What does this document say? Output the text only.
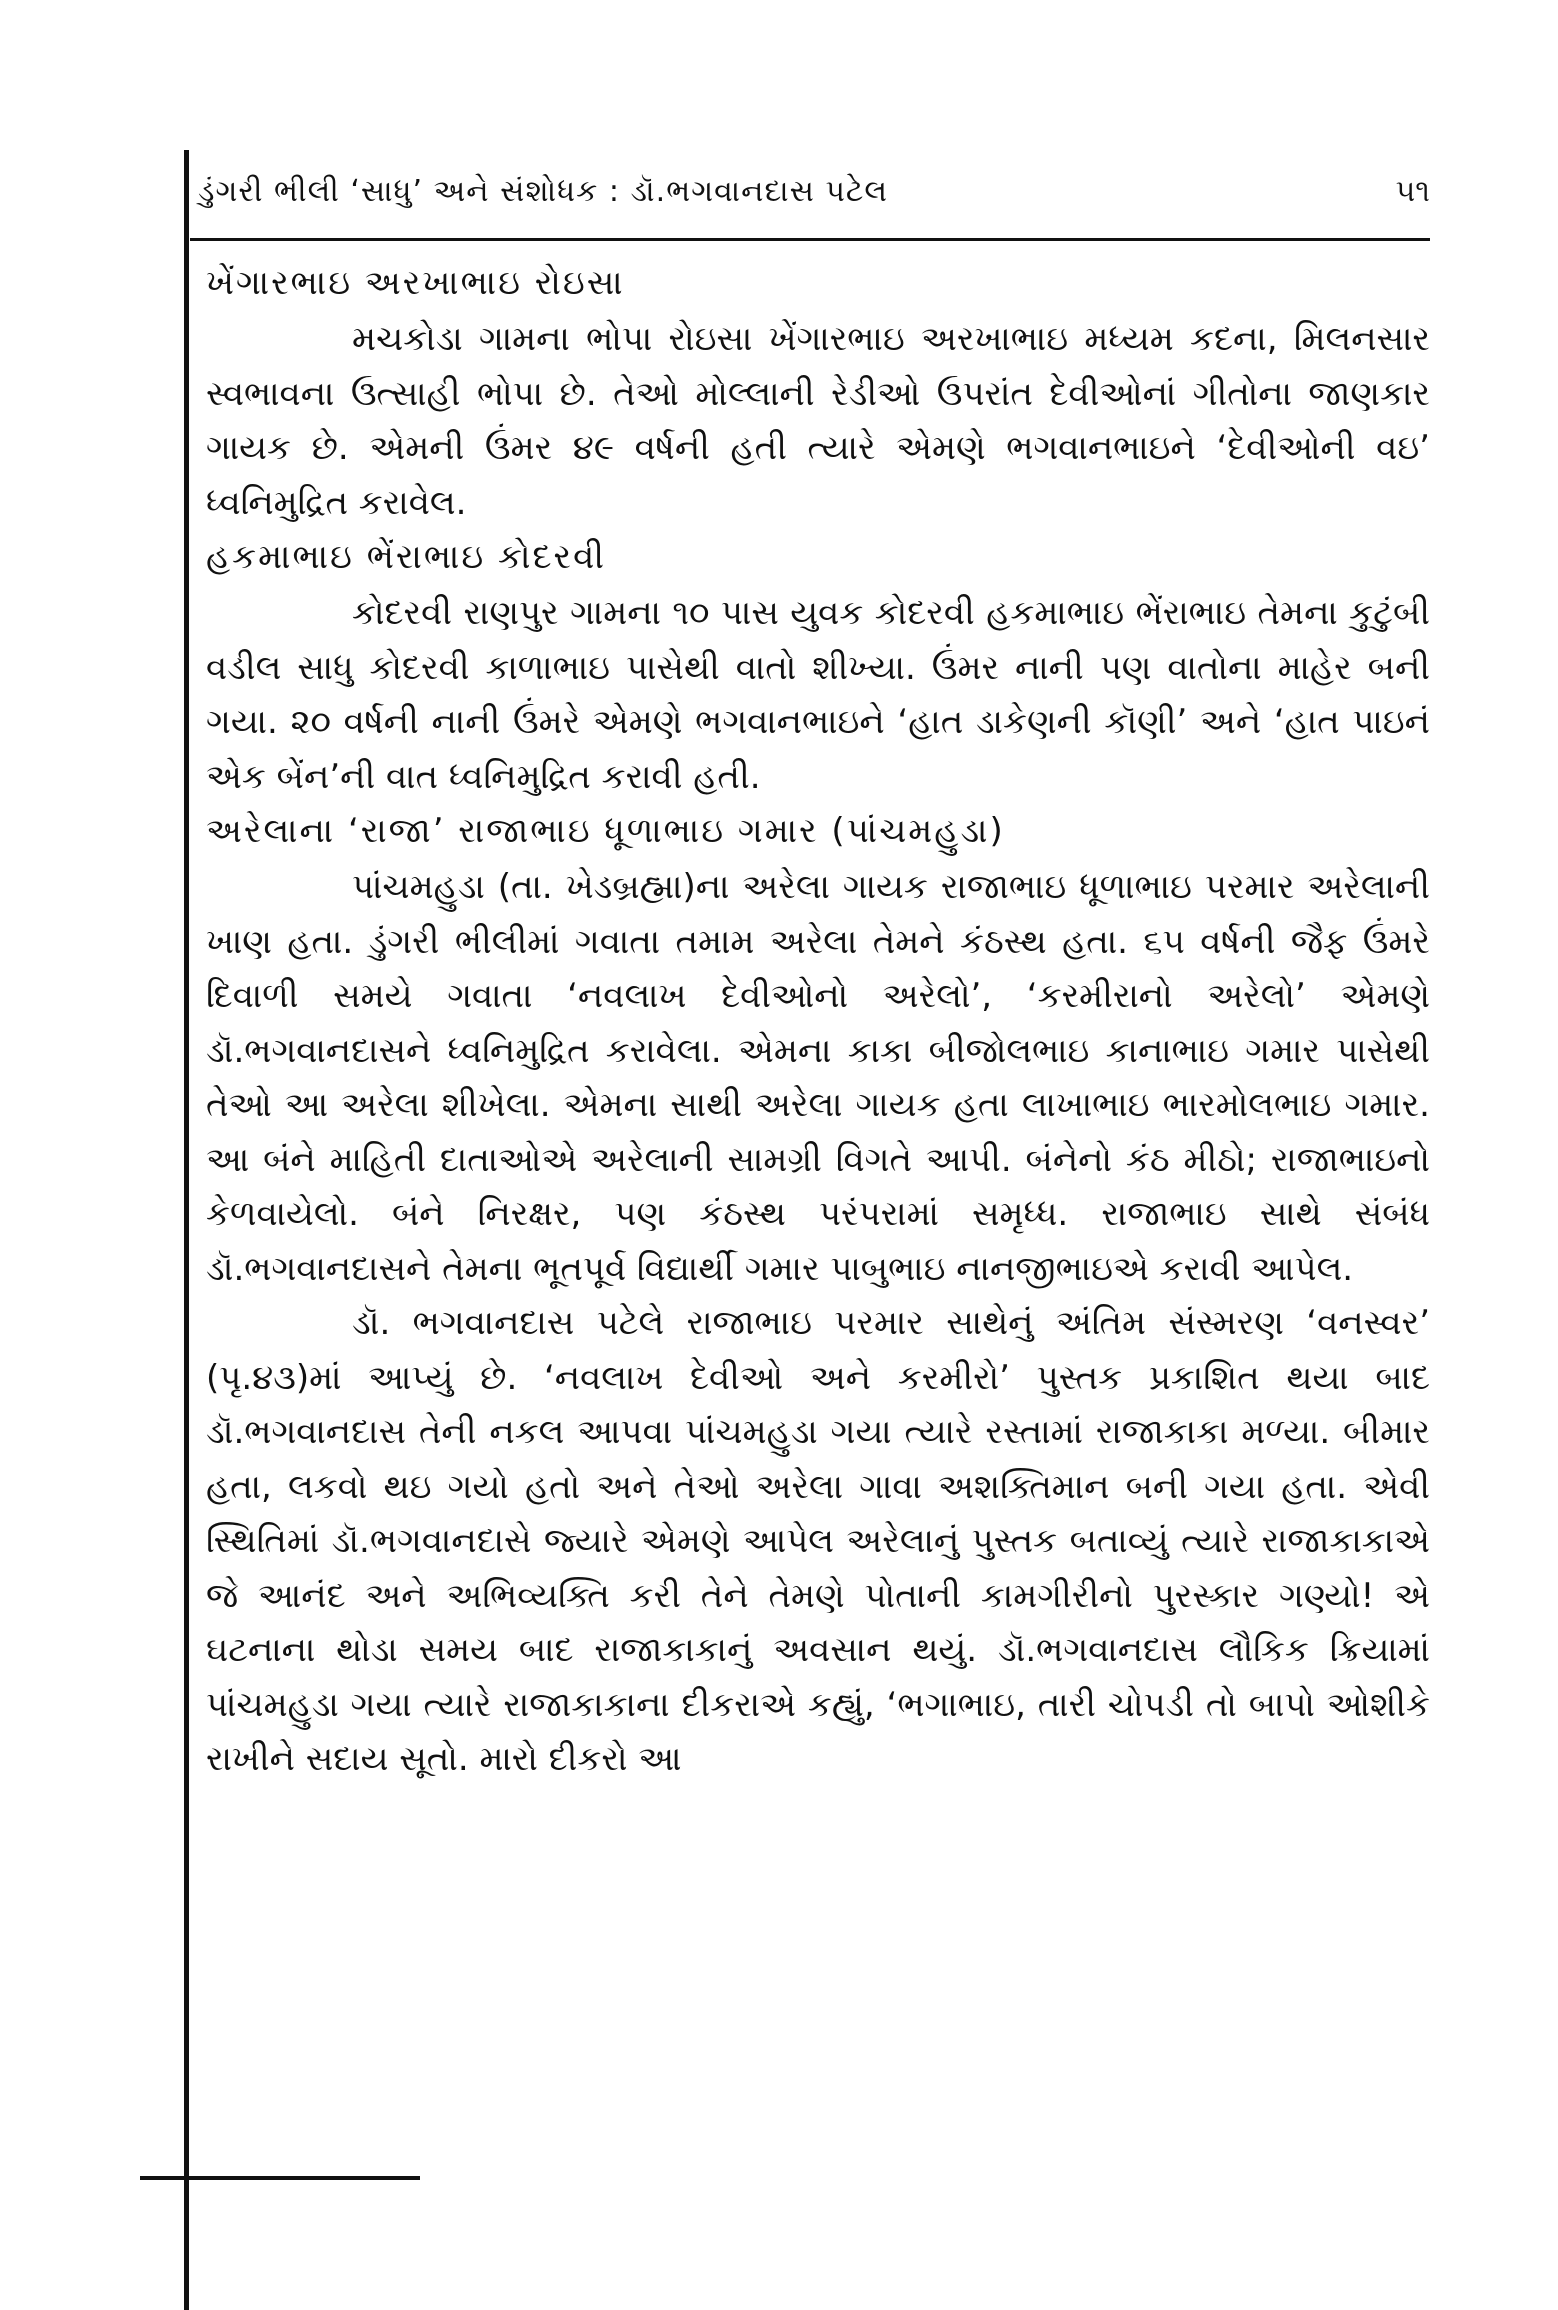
ડુંગરી ભીલી ‘સાધુ’ અને સંશોધક : ડૉ.ભગવાનદાસ પટેલ	૫૧
ખેંગારભાઇ અરખાભાઇ રોઇસા

મચકોડા ગામના ભોપા રોઇસા ખેંગારભાઇ અરખાભાઇ મધ્યમ કદના, મિલનસાર સ્વભાવના ઉત્સાહી ભોપા છે. તેઓ મોલ્લાની રેડીઓ ઉપરાંત દેવીઓનાં ગીતોના જાણકાર ગાયક છે. એમની ઉંમર ૪૯ વર્ષની હતી ત્યારે એમણે ભગવાનભાઇને ‘દેવીઓની વઇ’ ધ્વનિમુદ્રિત કરાવેલ.

હકમાભાઇ ભેંરાભાઇ કોદરવી

કોદરવી રાણપુર ગામના ૧૦ પાસ યુવક કોદરવી હકમાભાઇ ભેંરાભાઇ તેમના કુટુંબી વડીલ સાધુ કોદરવી કાળાભાઇ પાસેથી વાતો શીખ્યા. ઉંમર નાની પણ વાતોના માહેર બની ગયા. ૨૦ વર્ષની નાની ઉંમરે એમણે ભગવાનભાઇને ‘હાત ડાકેણની કૉણી’ અને ‘હાત પાઇનં એક બેંન’ની વાત ધ્વનિમુદ્રિત કરાવી હતી.

અરેલાના ‘રાજા’ રાજાભાઇ ધૂળાભાઇ ગમાર (પાંચમહુડા)

પાંચમહુડા (તા. ખેડબ્રહ્મા)ના અરેલા ગાયક રાજાભાઇ ધૂળાભાઇ પરમાર અરેલાની ખાણ હતા. ડુંગરી ભીલીમાં ગવાતા તમામ અરેલા તેમને કંઠસ્થ હતા. ૬૫ વર્ષની જૈફ ઉંમરે દિવાળી સમયે ગવાતા ‘નવલાખ દેવીઓનો અરેલો’, ‘કરમીરાનો અરેલો’ એમણે ડૉ.ભગવાનદાસને ધ્વનિમુદ્રિત કરાવેલા. એમના કાકા બીજોલભાઇ કાનાભાઇ ગમાર પાસેથી તેઓ આ અરેલા શીખેલા. એમના સાથી અરેલા ગાયક હતા લાખાભાઇ ભારમોલભાઇ ગમાર. આ બંને માહિતી દાતાઓએ અરેલાની સામગ્રી વિગતે આપી. બંનેનો કંઠ મીઠો; રાજાભાઇનો કેળવાયેલો. બંને નિરક્ષર, પણ કંઠસ્થ પરંપરામાં સમૃધ્ધ. રાજાભાઇ સાથે સંબંધ ડૉ.ભગવાનદાસને તેમના ભૂતપૂર્વ વિદ્યાર્થી ગમાર પાબુભાઇ નાનજીભાઇએ કરાવી આપેલ.

ડૉ. ભગવાનદાસ પટેલે રાજાભાઇ પરમાર સાથેનું અંતિમ સંસ્મરણ ‘વનસ્વર’ (પૃ.૪૩)માં આપ્યું છે. ‘નવલાખ દેવીઓ અને કરમીરો’ પુસ્તક પ્રકાશિત થયા બાદ ડૉ.ભગવાનદાસ તેની નકલ આપવા પાંચમહુડા ગયા ત્યારે રસ્તામાં રાજાકાકા મળ્યા. બીમાર હતા, લકવો થઇ ગયો હતો અને તેઓ અરેલા ગાવા અશક્તિમાન બની ગયા હતા. એવી સ્થિતિમાં ડૉ.ભગવાનદાસે જ્યારે એમણે આપેલ અરેલાનું પુસ્તક બતાવ્યું ત્યારે રાજાકાકાએ જે આનંદ અને અભિવ્યક્તિ કરી તેને તેમણે પોતાની કામગીરીનો પુરસ્કાર ગણ્યો! એ ઘટનાના થોડા સમય બાદ રાજાકાકાનું અવસાન થયું. ડૉ.ભગવાનદાસ લૌકિક ક્રિયામાં પાંચમહુડા ગયા ત્યારે રાજાકાકાના દીકરાએ કહ્યું, ‘ભગાભાઇ, તારી ચોપડી તો બાપો ઓશીકે રાખીને સદાય સૂતો. મારો દીકરો આ
